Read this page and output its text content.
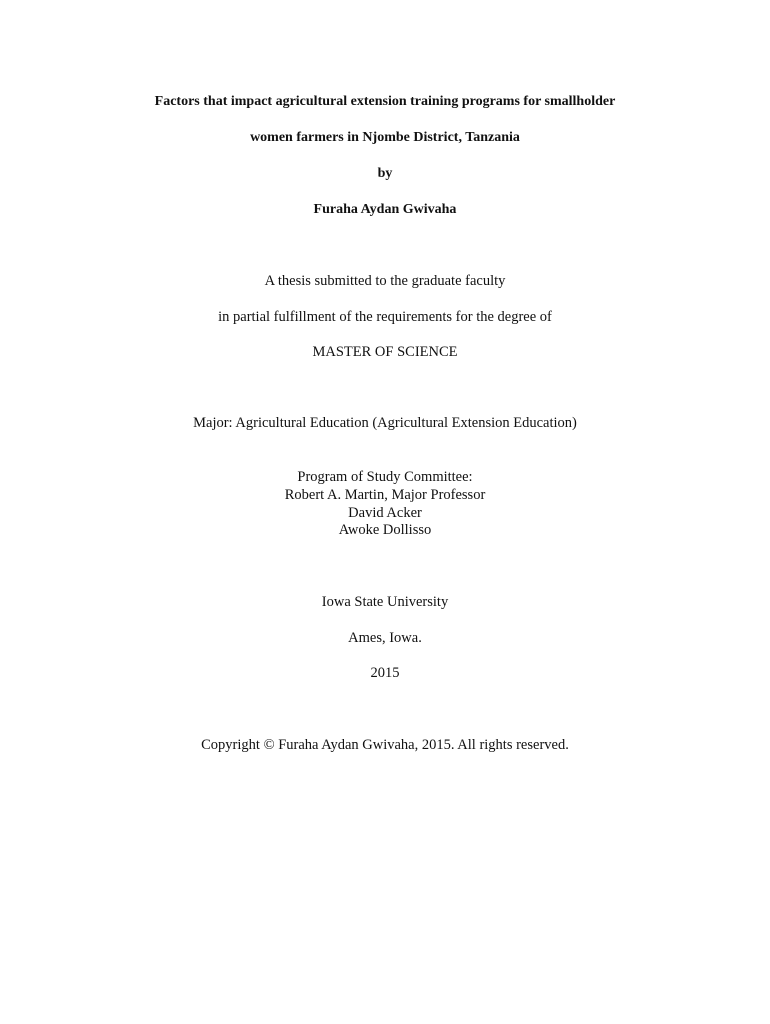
Factors that impact agricultural extension training programs for smallholder
women farmers in Njombe District, Tanzania
by
Furaha Aydan Gwivaha
A thesis submitted to the graduate faculty
in partial fulfillment of the requirements for the degree of
MASTER OF SCIENCE
Major: Agricultural Education (Agricultural Extension Education)
Program of Study Committee:
Robert A. Martin, Major Professor
David Acker
Awoke Dollisso
Iowa State University
Ames, Iowa.
2015
Copyright © Furaha Aydan Gwivaha, 2015. All rights reserved.
